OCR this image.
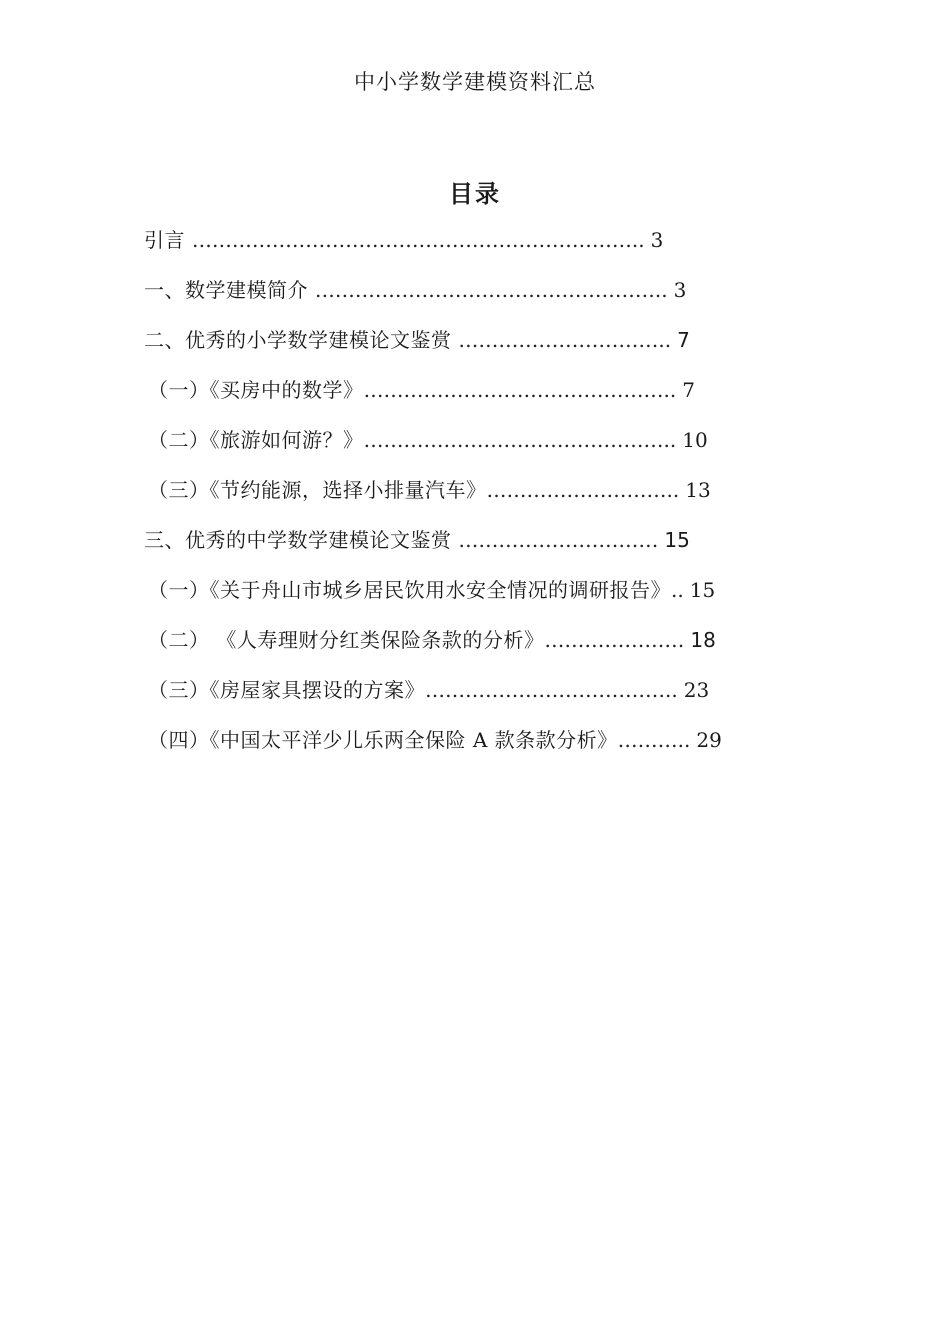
中小学数学建模资料汇总
目录
引言 ………………………………………………………….. 3
一、数学建模简介 …………………………………………….. 3
二、优秀的小学数学建模论文鉴赏 ………………………….. 7
（一）《买房中的数学》……………………………………….. 7
（二）《旅游如何游？》……………………………………….. 10
（三）《节约能源，选择小排量汽车》……………………….. 13
三、优秀的中学数学建模论文鉴赏 ………………………… 15
（一）《关于舟山市城乡居民饮用水安全情况的调研报告》.. 15
（二） 《人寿理财分红类保险条款的分析》………………… 18
（三）《房屋家具摆设的方案》……………………………….. 23
（四）《中国太平洋少儿乐两全保险 A 款条款分析》……….. 29
